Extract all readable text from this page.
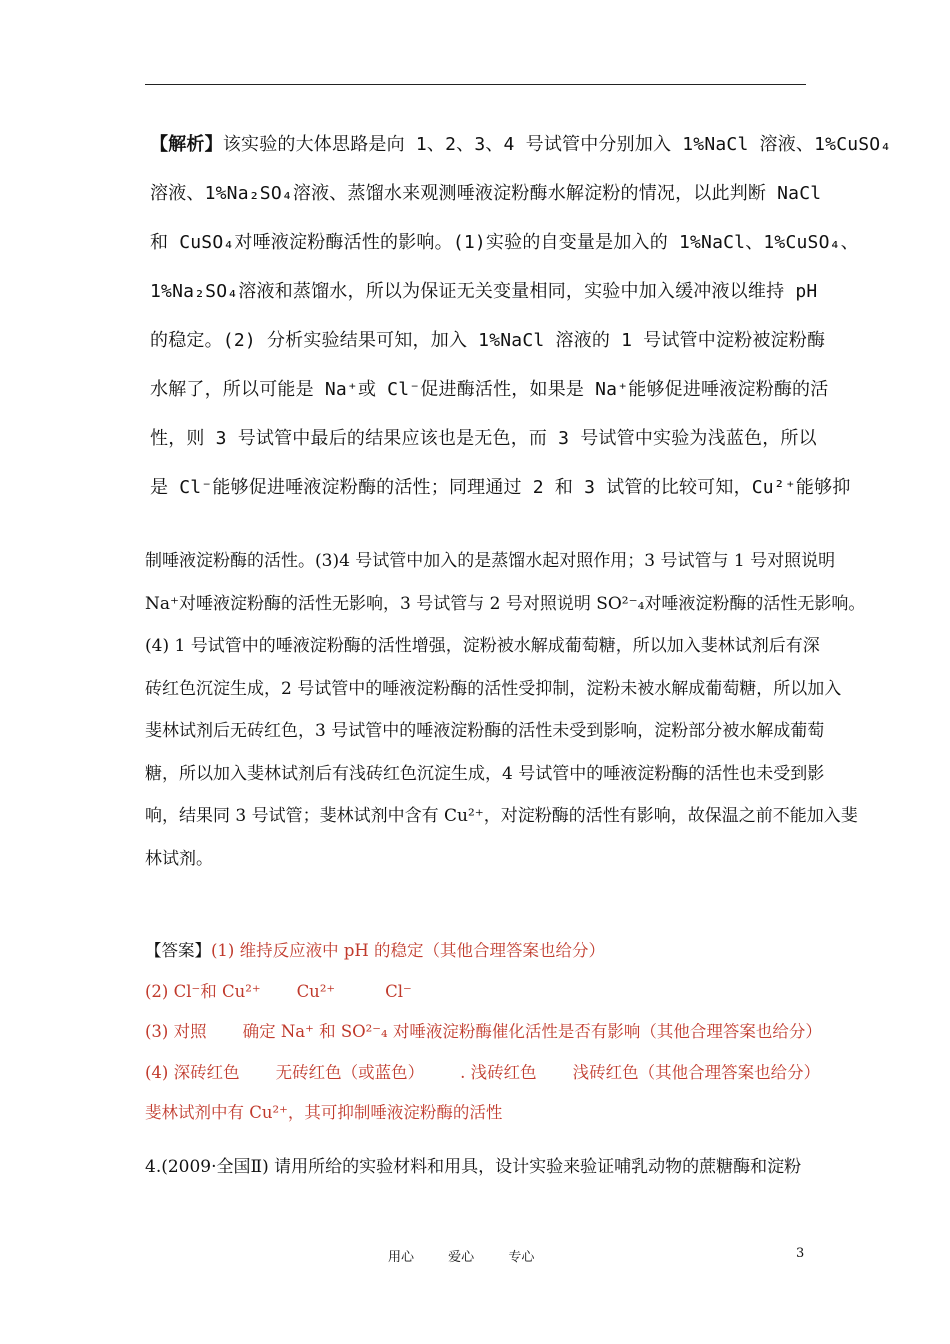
【解析】该实验的大体思路是向 1、2、3、4 号试管中分别加入 1%NaCl 溶液、1%CuSO₄
溶液、1%Na₂SO₄溶液、蒸馏水来观测唾液淀粉酶水解淀粉的情况，以此判断 NaCl
和 CuSO₄对唾液淀粉酶活性的影响。(1)实验的自变量是加入的 1%NaCl、1%CuSO₄、
1%Na₂SO₄溶液和蒸馏水，所以为保证无关变量相同，实验中加入缓冲液以维持 pH
的稳定。(2) 分析实验结果可知，加入 1%NaCl 溶液的 1 号试管中淀粉被淀粉酶
水解了，所以可能是 Na⁺或 Cl⁻促进酶活性，如果是 Na⁺能够促进唾液淀粉酶的活
性，则 3 号试管中最后的结果应该也是无色，而 3 号试管中实验为浅蓝色，所以
是 Cl⁻能够促进唾液淀粉酶的活性；同理通过 2 和 3 试管的比较可知，Cu²⁺能够抑
制唾液淀粉酶的活性。(3)4 号试管中加入的是蒸馏水起对照作用；3 号试管与 1 号对照说明
Na⁺对唾液淀粉酶的活性无影响，3 号试管与 2 号对照说明 SO²⁻₄对唾液淀粉酶的活性无影响。
(4) 1 号试管中的唾液淀粉酶的活性增强，淀粉被水解成葡萄糖，所以加入斐林试剂后有深
砖红色沉淀生成，2 号试管中的唾液淀粉酶的活性受抑制，淀粉未被水解成葡萄糖，所以加入
斐林试剂后无砖红色，3 号试管中的唾液淀粉酶的活性未受到影响，淀粉部分被水解成葡萄
糖，所以加入斐林试剂后有浅砖红色沉淀生成，4 号试管中的唾液淀粉酶的活性也未受到影
响，结果同 3 号试管；斐林试剂中含有 Cu²⁺，对淀粉酶的活性有影响，故保温之前不能加入斐
林试剂。
【答案】(1) 维持反应液中 pH 的稳定（其他合理答案也给分）
(2) Cl⁻和 Cu²⁺ Cu²⁺	Cl⁻
(3) 对照 确定 Na⁺ 和 SO²⁻₄ 对唾液淀粉酶催化活性是否有影响（其他合理答案也给分）
(4) 深砖红色 无砖红色（或蓝色） . 浅砖红色 浅砖红色（其他合理答案也给分）
斐林试剂中有 Cu²⁺，其可抑制唾液淀粉酶的活性
4.(2009·全国Ⅱ) 请用所给的实验材料和用具，设计实验来验证哺乳动物的蔗糖酶和淀粉
用心	爱心	专心	3
